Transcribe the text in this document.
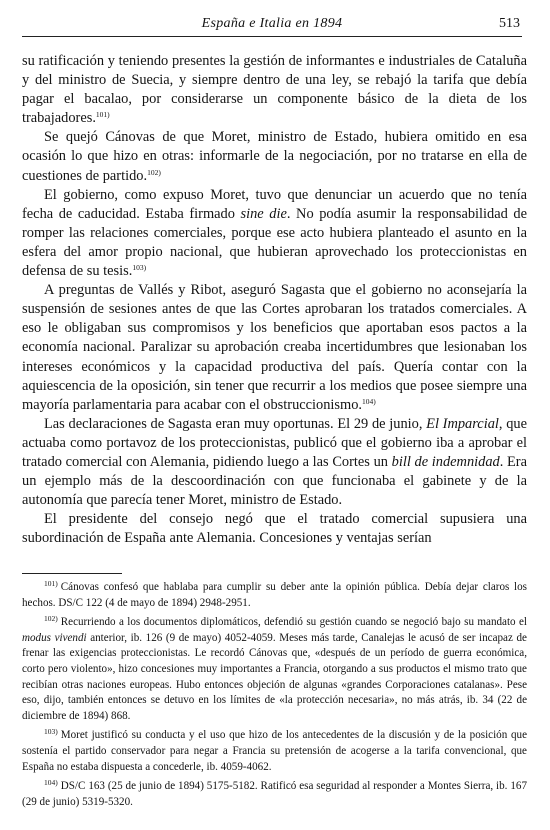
España e Italia en 1894	513

su ratificación y teniendo presentes la gestión de informantes e industriales de Cataluña y del ministro de Suecia, y siempre dentro de una ley, se rebajó la tarifa que debía pagar el bacalao, por considerarse un componente básico de la dieta de los trabajadores.$^{101)}$

Se quejó Cánovas de que Moret, ministro de Estado, hubiera omitido en esa ocasión lo que hizo en otras: informarle de la negociación, por no tratarse en ella de cuestiones de partido.$^{102)}$

El gobierno, como expuso Moret, tuvo que denunciar un acuerdo que no tenía fecha de caducidad. Estaba firmado sine die. No podía asumir la responsabilidad de romper las relaciones comerciales, porque ese acto hubiera planteado el asunto en la esfera del amor propio nacional, que hubieran aprovechado los proteccionistas en defensa de su tesis.$^{103)}$

A preguntas de Vallés y Ribot, aseguró Sagasta que el gobierno no aconsejaría la suspensión de sesiones antes de que las Cortes aprobaran los tratados comerciales. A eso le obligaban sus compromisos y los beneficios que aportaban esos pactos a la economía nacional. Paralizar su aprobación creaba incertidumbres que lesionaban los intereses económicos y la capacidad productiva del país. Quería contar con la aquiescencia de la oposición, sin tener que recurrir a los medios que posee siempre una mayoría parlamentaria para acabar con el obstruccionismo.$^{104)}$

Las declaraciones de Sagasta eran muy oportunas. El 29 de junio, El Imparcial, que actuaba como portavoz de los proteccionistas, publicó que el gobierno iba a aprobar el tratado comercial con Alemania, pidiendo luego a las Cortes un bill de indemnidad. Era un ejemplo más de la descoordinación con que funcionaba el gabinete y de la autonomía que parecía tener Moret, ministro de Estado.

El presidente del consejo negó que el tratado comercial supusiera una subordinación de España ante Alemania. Concesiones y ventajas serían

$^{101)}$ Cánovas confesó que hablaba para cumplir su deber ante la opinión pública. Debía dejar claros los hechos. DS/C 122 (4 de mayo de 1894) 2948-2951.

$^{102)}$ Recurriendo a los documentos diplomáticos, defendió su gestión cuando se negoció bajo su mandato el modus vivendi anterior, ib. 126 (9 de mayo) 4052-4059. Meses más tarde, Canalejas le acusó de ser incapaz de frenar las exigencias proteccionistas. Le recordó Cánovas que, «después de un período de guerra económica, corto pero violento», hizo concesiones muy importantes a Francia, otorgando a sus productos el mismo trato que recibían otras naciones europeas. Hubo entonces objeción de algunas «grandes Corporaciones catalanas». Pese eso, dijo, también entonces se detuvo en los límites de «la protección necesaria», no más atrás, ib. 34 (22 de diciembre de 1894) 868.

$^{103)}$ Moret justificó su conducta y el uso que hizo de los antecedentes de la discusión y de la posición que sostenía el partido conservador para negar a Francia su pretensión de acogerse a la tarifa convencional, que España no estaba dispuesta a concederle, ib. 4059-4062.

$^{104)}$ DS/C 163 (25 de junio de 1894) 5175-5182. Ratificó esa seguridad al responder a Montes Sierra, ib. 167 (29 de junio) 5319-5320.
